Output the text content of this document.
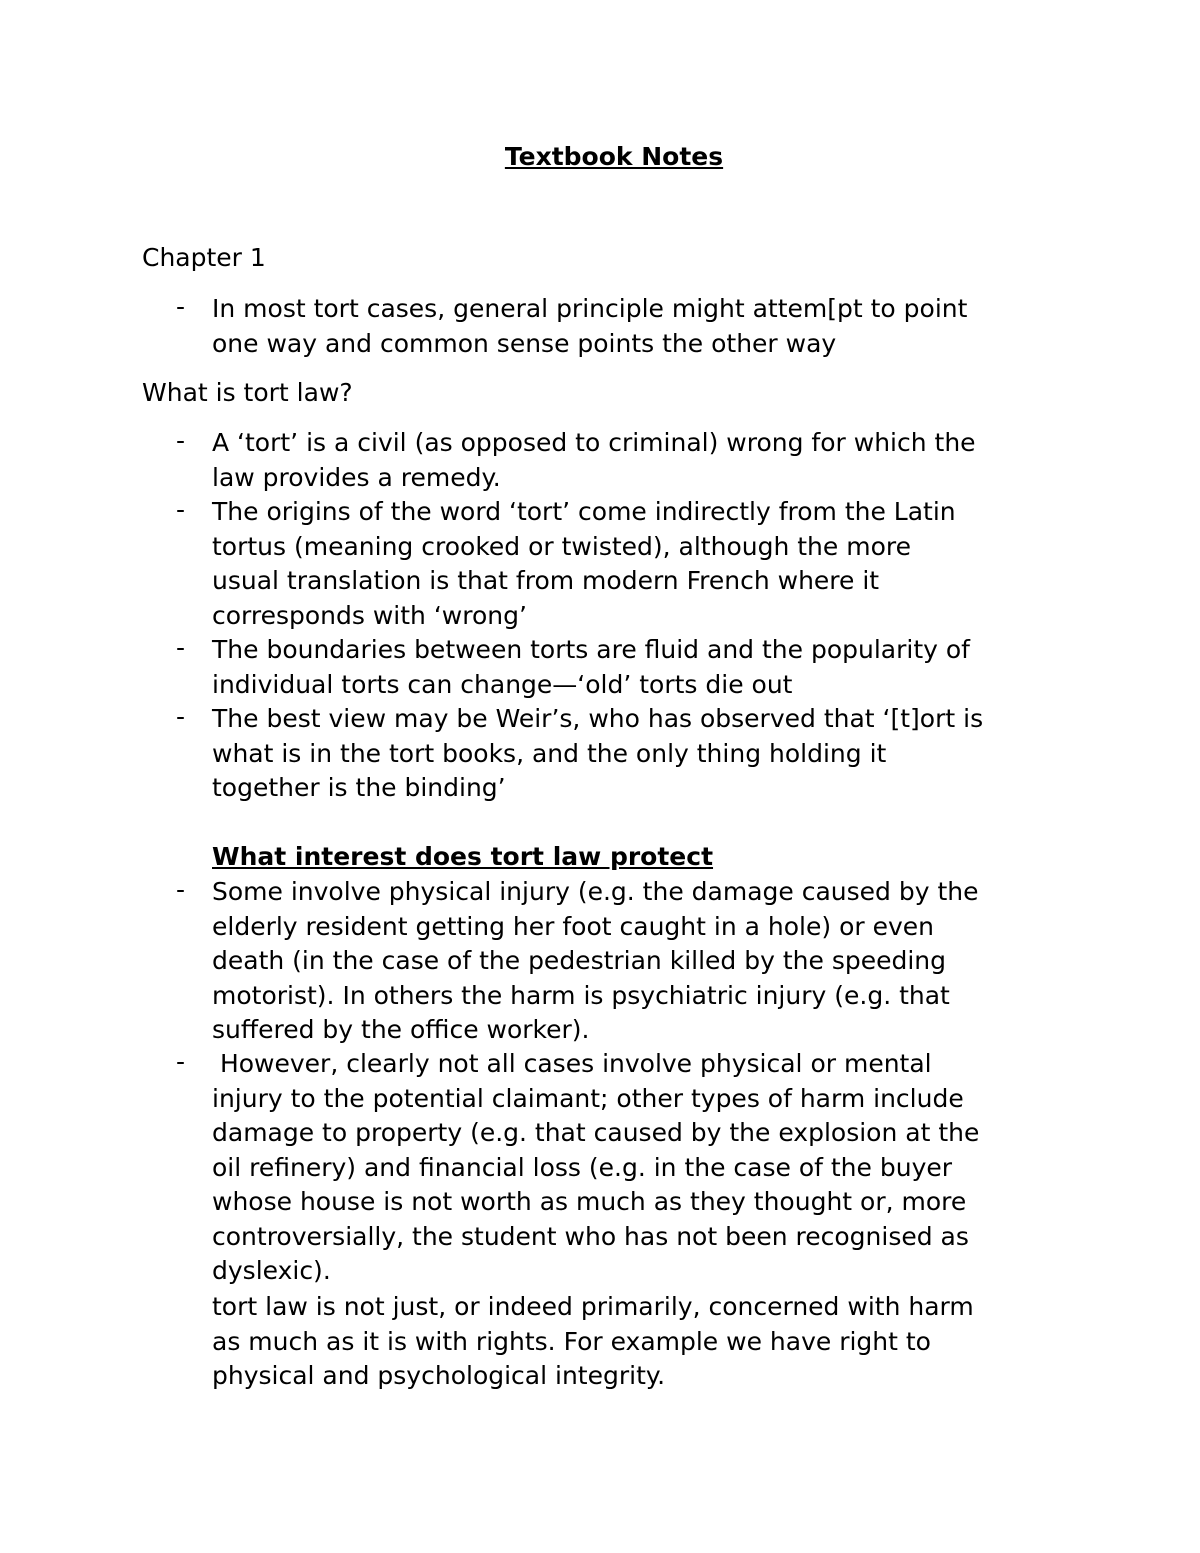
Textbook Notes
Chapter 1
- In most tort cases, general principle might attem[pt to point
one way and common sense points the other way
What is tort law?
- A ‘tort’ is a civil (as opposed to criminal) wrong for which the
law provides a remedy.
- The origins of the word ‘tort’ come indirectly from the Latin
tortus (meaning crooked or twisted), although the more
usual translation is that from modern French where it
corresponds with ‘wrong’
- The boundaries between torts are fluid and the popularity of
individual torts can change—‘old’ torts die out
- The best view may be Weir’s, who has observed that ‘[t]ort is
what is in the tort books, and the only thing holding it
together is the binding’
What interest does tort law protect
- Some involve physical injury (e.g. the damage caused by the
elderly resident getting her foot caught in a hole) or even
death (in the case of the pedestrian killed by the speeding
motorist). In others the harm is psychiatric injury (e.g. that
suffered by the office worker).
- However, clearly not all cases involve physical or mental
injury to the potential claimant; other types of harm include
damage to property (e.g. that caused by the explosion at the
oil refinery) and financial loss (e.g. in the case of the buyer
whose house is not worth as much as they thought or, more
controversially, the student who has not been recognised as
dyslexic).
tort law is not just, or indeed primarily, concerned with harm
as much as it is with rights. For example we have right to
physical and psychological integrity.
